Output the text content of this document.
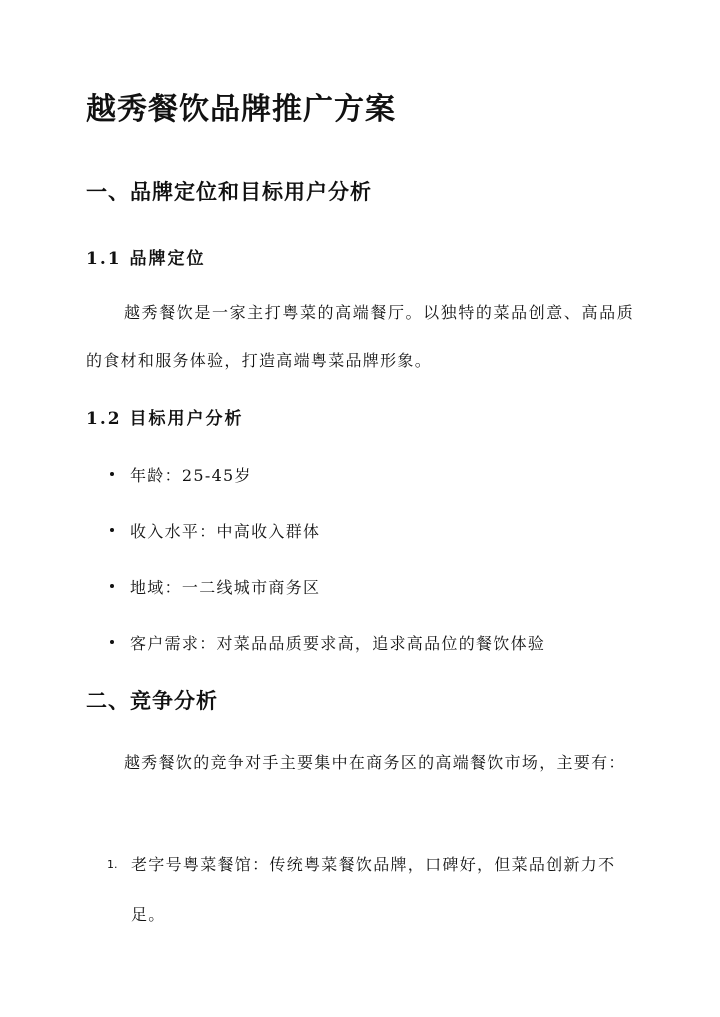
越秀餐饮品牌推广方案
一、品牌定位和目标用户分析
1.1 品牌定位

越秀餐饮是一家主打粤菜的高端餐厅。以独特的菜品创意、高品质的食材和服务体验，打造高端粤菜品牌形象。

1.2 目标用户分析
年龄：25-45岁
收入水平：中高收入群体
地域：一二线城市商务区
客户需求：对菜品品质要求高，追求高品位的餐饮体验
二、竞争分析

越秀餐饮的竞争对手主要集中在商务区的高端餐饮市场，主要有：

1. 老字号粤菜餐馆：传统粤菜餐饮品牌，口碑好，但菜品创新力不足。
